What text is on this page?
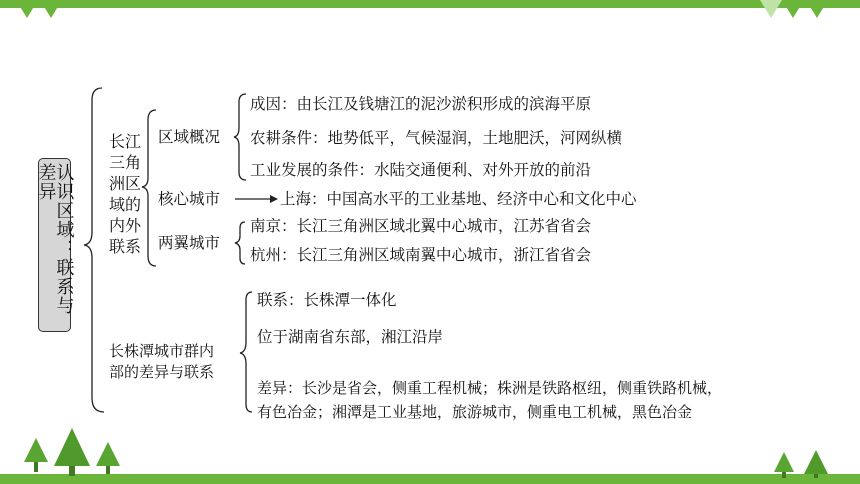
认识区域：联系与差异
长江
三角
洲区
域的
内外
联系
区域概况
成因：由长江及钱塘江的泥沙淤积形成的滨海平原
农耕条件：地势低平，气候湿润，土地肥沃，河网纵横
工业发展的条件：水陆交通便利、对外开放的前沿
核心城市	上海：中国高水平的工业基地、经济中心和文化中心
两翼城市
南京：长江三角洲区域北翼中心城市，江苏省省会
杭州：长江三角洲区域南翼中心城市，浙江省省会
长株潭城市群内
部的差异与联系
联系：长株潭一体化
位于湖南省东部，湘江沿岸
差异：长沙是省会，侧重工程机械；株洲是铁路枢纽，侧重铁路机械，
有色冶金；湘潭是工业基地，旅游城市，侧重电工机械，黑色冶金
